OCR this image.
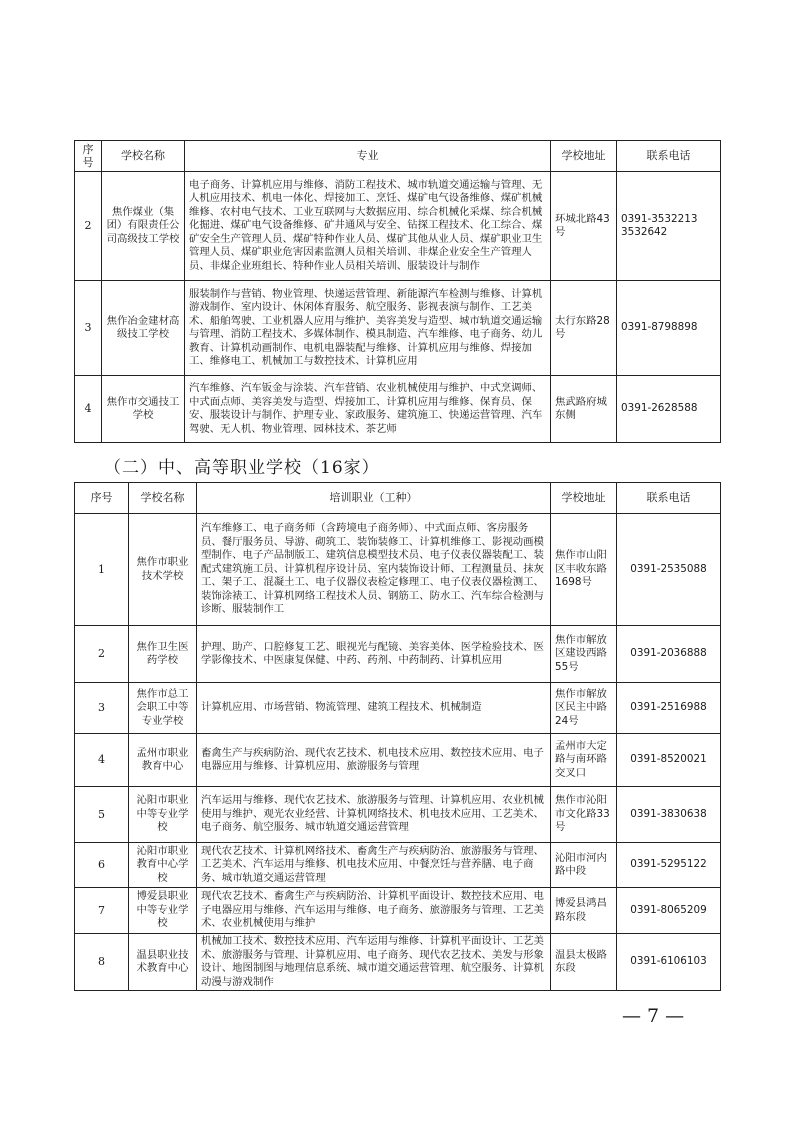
序号	学校名称	专业	学校地址	联系电话
2	焦作煤业（集团）有限责任公司高级技工学校	电子商务、计算机应用与维修、消防工程技术、城市轨道交通运输与管理、无人机应用技术、机电一体化、焊接加工、烹饪、煤矿电气设备维修、煤矿机械维修、农村电气技术、工业互联网与大数据应用、综合机械化采煤、综合机械化掘进、煤矿电气设备维修、矿井通风与安全、钻探工程技术、化工综合、煤矿安全生产管理人员、煤矿特种作业人员、煤矿其他从业人员、煤矿职业卫生管理人员、煤矿职业危害因素监测人员相关培训、非煤企业安全生产管理人员、非煤企业班组长、特种作业人员相关培训、服装设计与制作	环城北路43号	0391-3532213 3532642
3	焦作冶金建材高级技工学校	服装制作与营销、物业管理、快递运营管理、新能源汽车检测与维修、计算机游戏制作、室内设计、休闲体育服务、航空服务、影视表演与制作、工艺美术、船舶驾驶、工业机器人应用与维护、美容美发与造型、城市轨道交通运输与管理、消防工程技术、多媒体制作、模具制造、汽车维修、电子商务、幼儿教育、计算机动画制作、电机电器装配与维修、计算机应用与维修、焊接加工、维修电工、机械加工与数控技术、计算机应用	太行东路28号	0391-8798898
4	焦作市交通技工学校	汽车维修、汽车钣金与涂装、汽车营销、农业机械使用与维护、中式烹调师、中式面点师、美容美发与造型、焊接加工、计算机应用与维修、保育员、保安、服装设计与制作、护理专业、家政服务、建筑施工、快递运营管理、汽车驾驶、无人机、物业管理、园林技术、茶艺师	焦武路府城东侧	0391-2628588
（二）中、高等职业学校（16家）
序号	学校名称	培训职业（工种）	学校地址	联系电话
1	焦作市职业技术学校	汽车维修工、电子商务师（含跨境电子商务师）、中式面点师、客房服务员、餐厅服务员、导游、砌筑工、装饰装修工、计算机维修工、影视动画模型制作、电子产品制版工、建筑信息模型技术员、电子仪表仪器装配工、装配式建筑施工员、计算机程序设计员、室内装饰设计师、工程测量员、抹灰工、架子工、混凝土工、电子仪器仪表检定修理工、电子仪表仪器检测工、装饰涂裱工、计算机网络工程技术人员、钢筋工、防水工、汽车综合检测与诊断、服装制作工	焦作市山阳区丰收东路1698号	0391-2535088
2	焦作卫生医药学校	护理、助产、口腔修复工艺、眼视光与配镜、美容美体、医学检验技术、医学影像技术、中医康复保健、中药、药剂、中药制药、计算机应用	焦作市解放区建设西路55号	0391-2036888
3	焦作市总工会职工中等专业学校	计算机应用、市场营销、物流管理、建筑工程技术、机械制造	焦作市解放区民主中路24号	0391-2516988
4	孟州市职业教育中心	畜禽生产与疾病防治、现代农艺技术、机电技术应用、数控技术应用、电子电器应用与维修、计算机应用、旅游服务与管理	孟州市大定路与南环路交叉口	0391-8520021
5	沁阳市职业中等专业学校	汽车运用与维修、现代农艺技术、旅游服务与管理、计算机应用、农业机械使用与维护、观光农业经营、计算机网络技术、机电技术应用、工艺美术、电子商务、航空服务、城市轨道交通运营管理	焦作市沁阳市文化路33号	0391-3830638
6	沁阳市职业教育中心学校	现代农艺技术、计算机网络技术、畜禽生产与疾病防治、旅游服务与管理、工艺美术、汽车运用与维修、机电技术应用、中餐烹饪与营养膳、电子商务、城市轨道交通运营管理	沁阳市河内路中段	0391-5295122
7	博爱县职业中等专业学校	现代农艺技术、畜禽生产与疾病防治、计算机平面设计、数控技术应用、电子电器应用与维修、汽车运用与维修、电子商务、旅游服务与管理、工艺美术、农业机械使用与维护	博爱县鸿昌路东段	0391-8065209
8	温县职业技术教育中心	机械加工技术、数控技术应用、汽车运用与维修、计算机平面设计、工艺美术、旅游服务与管理、计算机应用、电子商务、现代农艺技术、美发与形象设计、地图制图与地理信息系统、城市道交通运营管理、航空服务、计算机动漫与游戏制作	温县太极路东段	0391-6106103
— 7 —
